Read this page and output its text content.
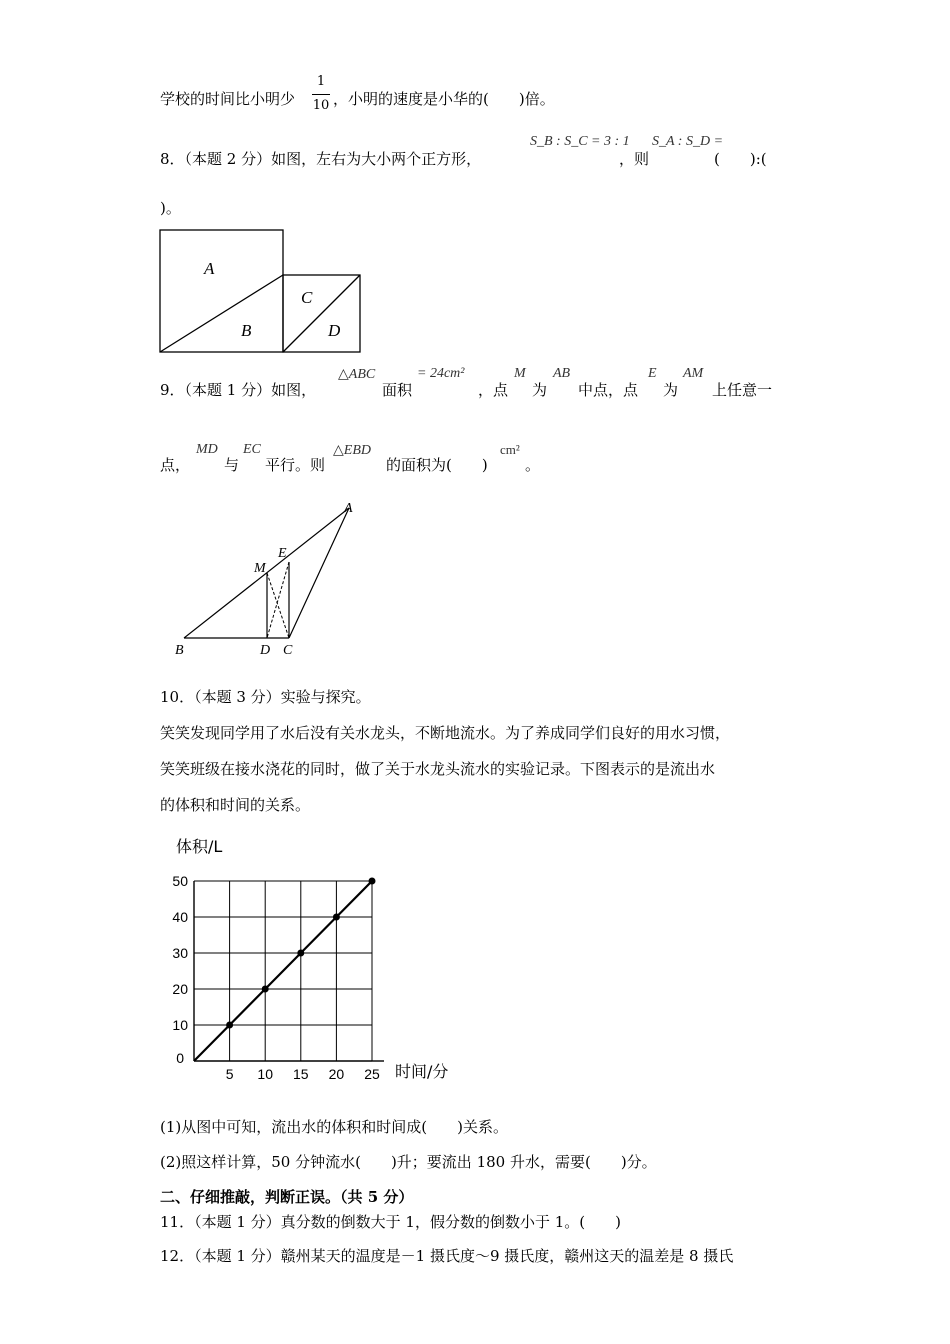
学校的时间比小明少
1
10 ，小明的速度是小华的(　　)倍。
8．（本题 2 分）如图，左右为大小两个正方形，
S_B : S_C = 3 : 1
，则
S_A : S_D =
(　　):(
)。
A
B
C
D
9．（本题 1 分）如图，
△ABC
面积
= 24cm²
，点
M
为
AB
中点，点
E
为
AM
上任意一
点，
MD
与
EC
平行。则
△EBD
的面积为(　　)
cm²
。
A
B	D C
E
M
10．（本题 3 分）实验与探究。
笑笑发现同学用了水后没有关水龙头，不断地流水。为了养成同学们良好的用水习惯，
笑笑班级在接水浇花的同时，做了关于水龙头流水的实验记录。下图表示的是流出水
的体积和时间的关系。
5 10 15 20 25
10
20
30
40
50
0
体积/L
时间/分
(1)从图中可知，流出水的体积和时间成(　　)关系。
(2)照这样计算，50 分钟流水(　　)升；要流出 180 升水，需要(　　)分。
二、仔细推敲，判断正误。（共 5 分）
11．（本题 1 分）真分数的倒数大于 1，假分数的倒数小于 1。(　　)
12．（本题 1 分）赣州某天的温度是－1 摄氏度～9 摄氏度，赣州这天的温差是 8 摄氏
